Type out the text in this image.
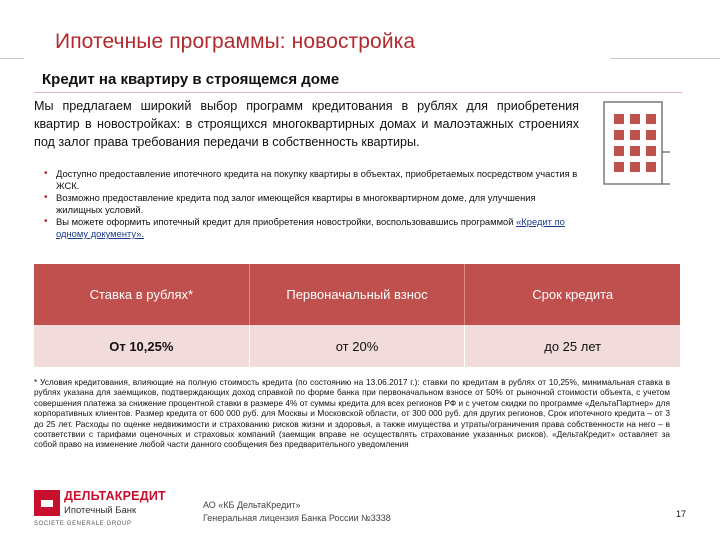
Ипотечные программы: новостройка
Кредит на квартиру в строящемся доме

Мы предлагаем широкий выбор программ кредитования в рублях для приобретения квартир в новостройках: в строящихся многоквартирных домах и малоэтажных строениях под залог права требования передачи в собственность квартиры.

• Доступно предоставление ипотечного кредита на покупку квартиры в объектах, приобретаемых посредством участия в ЖСК.
• Возможно предоставление кредита под залог имеющейся квартиры в многоквартирном доме, для улучшения жилищных условий.
• Вы можете оформить ипотечный кредит для приобретения новостройки, воспользовавшись программой «Кредит по одному документу».
Ставка в рублях*	Первоначальный взнос	Срок кредита
От 10,25%	от 20%	до 25 лет

* Условия кредитования, влияющие на полную стоимость кредита (по состоянию на 13.06.2017 г.): ставки по кредитам в рублях от 10,25%, минимальная ставка в рублях указана для заемщиков, подтверждающих доход справкой по форме банка при первоначальном взносе от 50% от рыночной стоимости объекта, с учетом совершения платежа за снижение процентной ставки в размере 4% от суммы кредита для всех регионов РФ и с учетом скидки по программе «ДельтаПартнер» для корпоративных клиентов. Размер кредита от 600 000 руб. для Москвы и Московской области, от 300 000 руб. для других регионов, Срок ипотечного кредита – от 3 до 25 лет. Расходы по оценке недвижимости и страхованию рисков жизни и здоровья, а также имущества и утраты/ограничения права собственности на него – в соответствии с тарифами оценочных и страховых компаний (заемщик вправе не осуществлять страхование указанных рисков). «ДельтаКредит» оставляет за собой право на изменение любой части данного сообщения без предварительного уведомления

ДЕЛЬТАКРЕДИТ
Ипотечный Банк
SOCIETE GENERALE GROUP
АО «КБ ДельтаКредит»
Генеральная лицензия Банка России №3338	17
